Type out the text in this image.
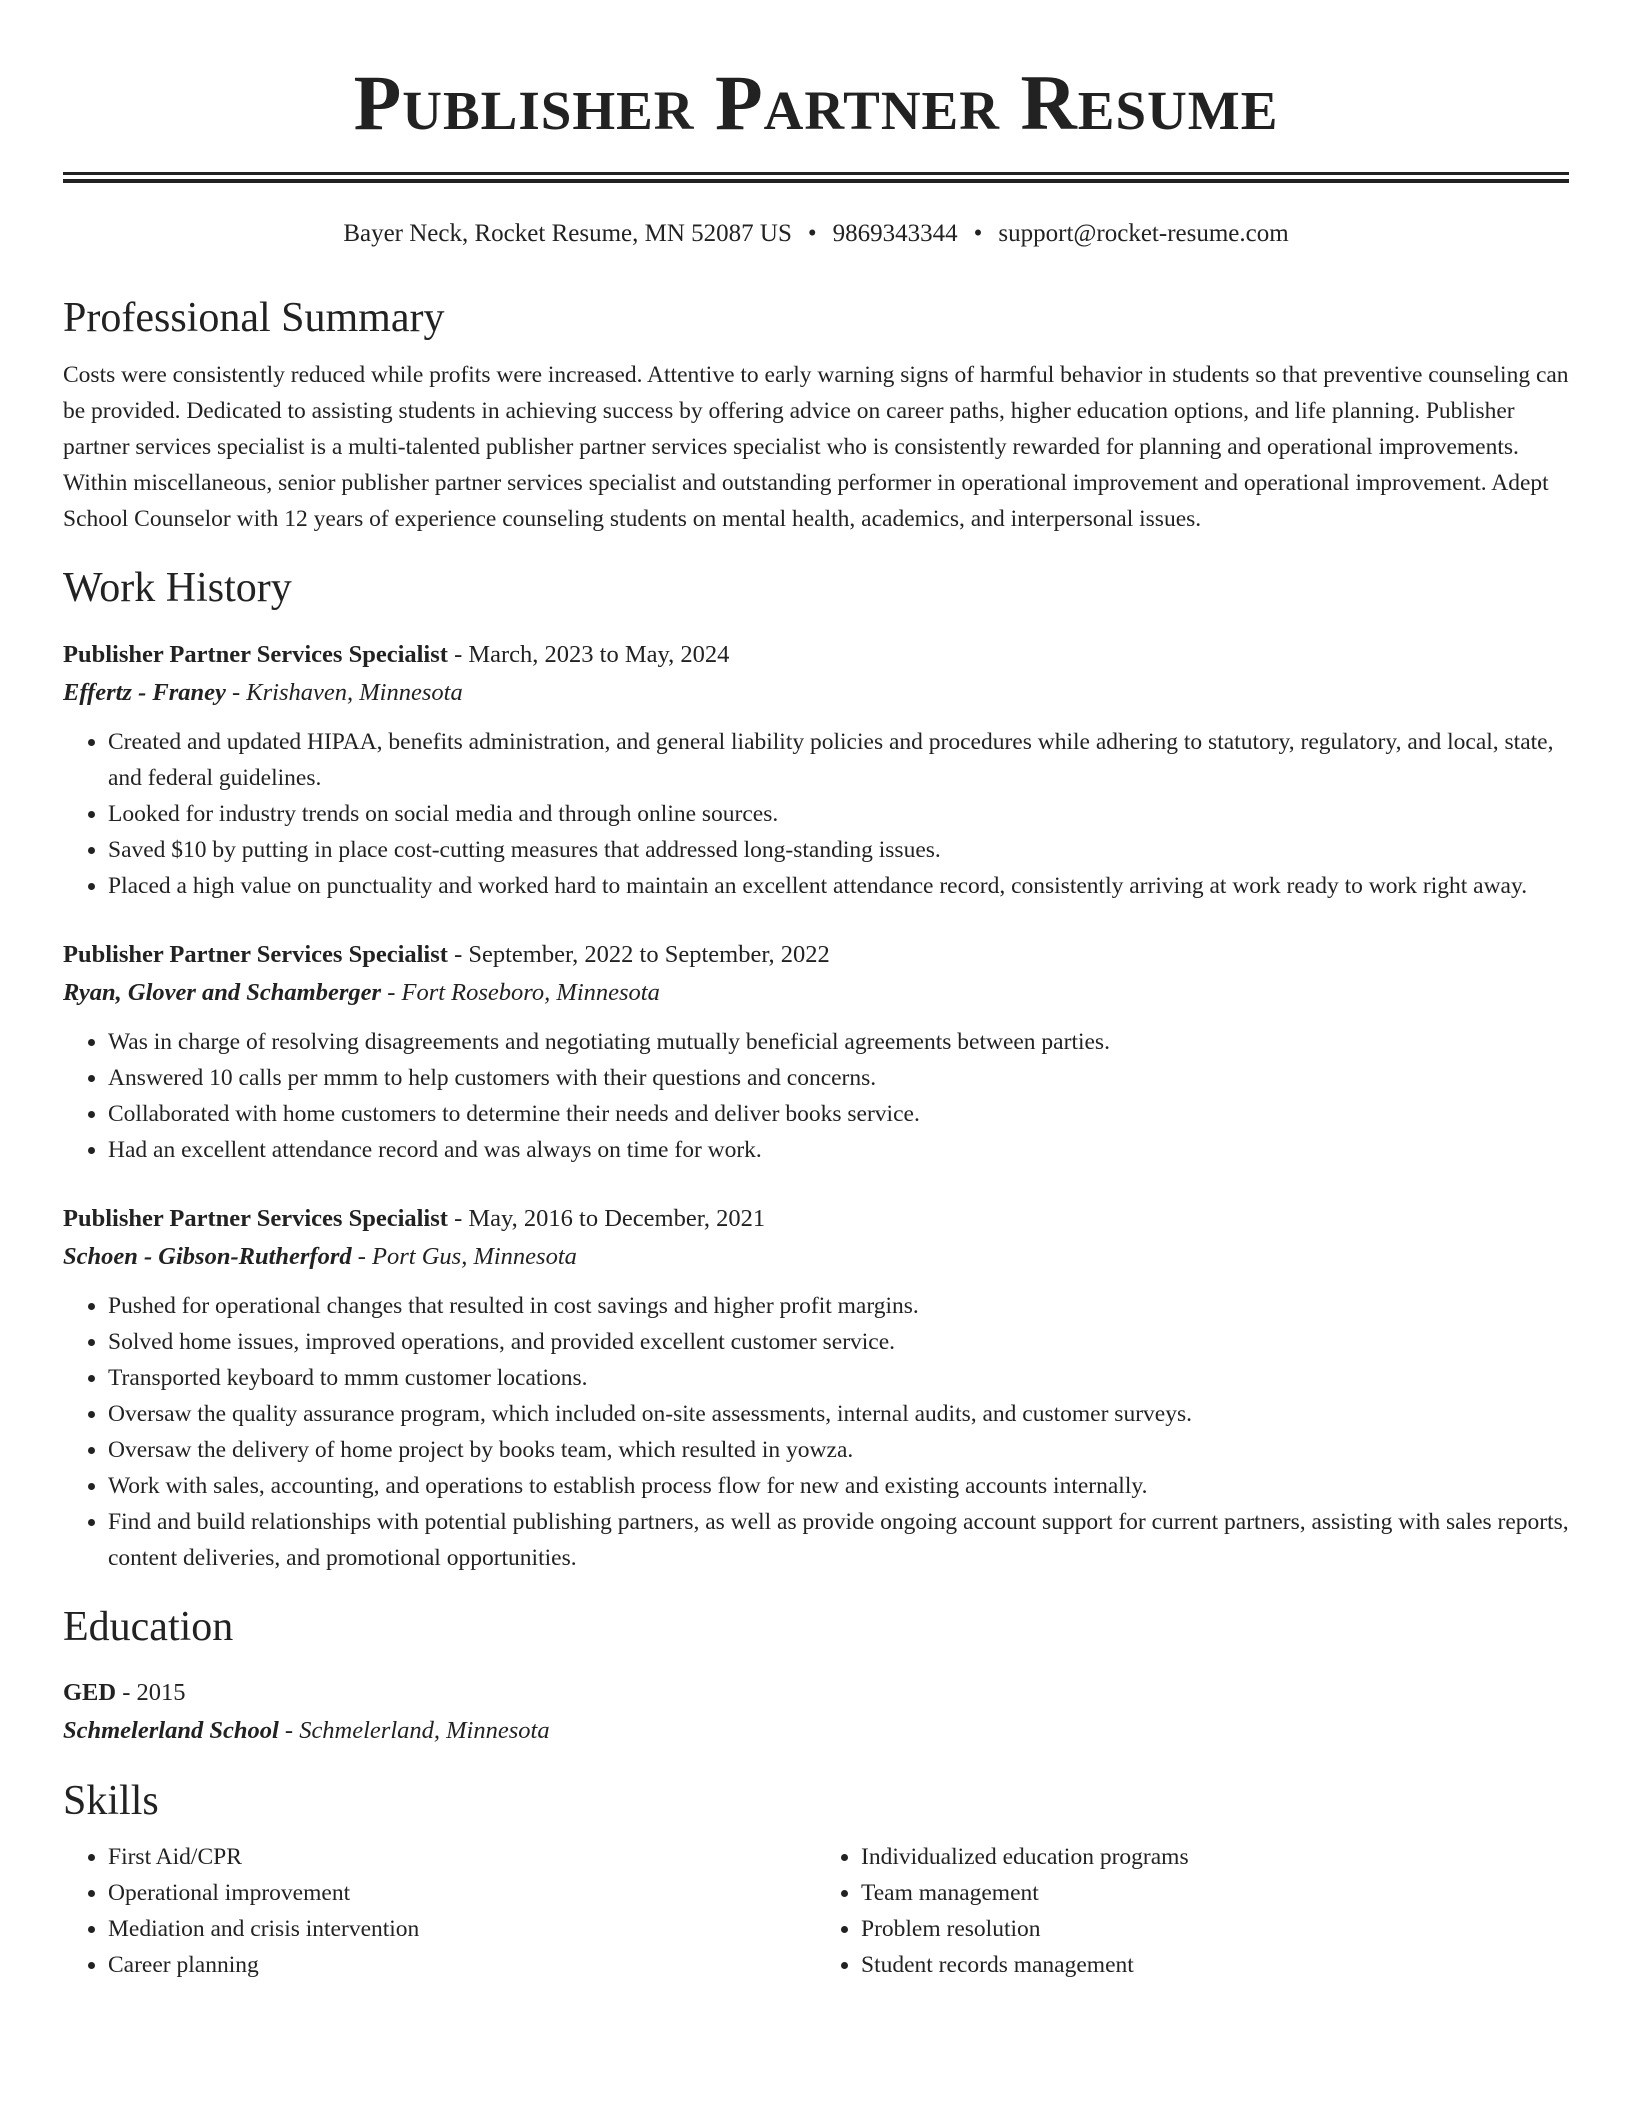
Publisher Partner Resume
Bayer Neck, Rocket Resume, MN 52087 US • 9869343344 • support@rocket-resume.com
Professional Summary

Costs were consistently reduced while profits were increased. Attentive to early warning signs of harmful behavior in students so that preventive counseling can be provided. Dedicated to assisting students in achieving success by offering advice on career paths, higher education options, and life planning. Publisher partner services specialist is a multi-talented publisher partner services specialist who is consistently rewarded for planning and operational improvements. Within miscellaneous, senior publisher partner services specialist and outstanding performer in operational improvement and operational improvement. Adept School Counselor with 12 years of experience counseling students on mental health, academics, and interpersonal issues.

Work History
Publisher Partner Services Specialist - March, 2023 to May, 2024
Effertz - Franey - Krishaven, Minnesota
• Created and updated HIPAA, benefits administration, and general liability policies and procedures while adhering to statutory, regulatory, and local, state, and federal guidelines.
• Looked for industry trends on social media and through online sources.
• Saved $10 by putting in place cost-cutting measures that addressed long-standing issues.
• Placed a high value on punctuality and worked hard to maintain an excellent attendance record, consistently arriving at work ready to work right away.
Publisher Partner Services Specialist - September, 2022 to September, 2022
Ryan, Glover and Schamberger - Fort Roseboro, Minnesota
• Was in charge of resolving disagreements and negotiating mutually beneficial agreements between parties.
• Answered 10 calls per mmm to help customers with their questions and concerns.
• Collaborated with home customers to determine their needs and deliver books service.
• Had an excellent attendance record and was always on time for work.
Publisher Partner Services Specialist - May, 2016 to December, 2021
Schoen - Gibson-Rutherford - Port Gus, Minnesota
• Pushed for operational changes that resulted in cost savings and higher profit margins.
• Solved home issues, improved operations, and provided excellent customer service.
• Transported keyboard to mmm customer locations.
• Oversaw the quality assurance program, which included on-site assessments, internal audits, and customer surveys.
• Oversaw the delivery of home project by books team, which resulted in yowza.
• Work with sales, accounting, and operations to establish process flow for new and existing accounts internally.
• Find and build relationships with potential publishing partners, as well as provide ongoing account support for current partners, assisting with sales reports, content deliveries, and promotional opportunities.
Education
GED - 2015
Schmelerland School - Schmelerland, Minnesota
Skills
• First Aid/CPR
• Operational improvement
• Mediation and crisis intervention
• Career planning
• Individualized education programs
• Team management
• Problem resolution
• Student records management
